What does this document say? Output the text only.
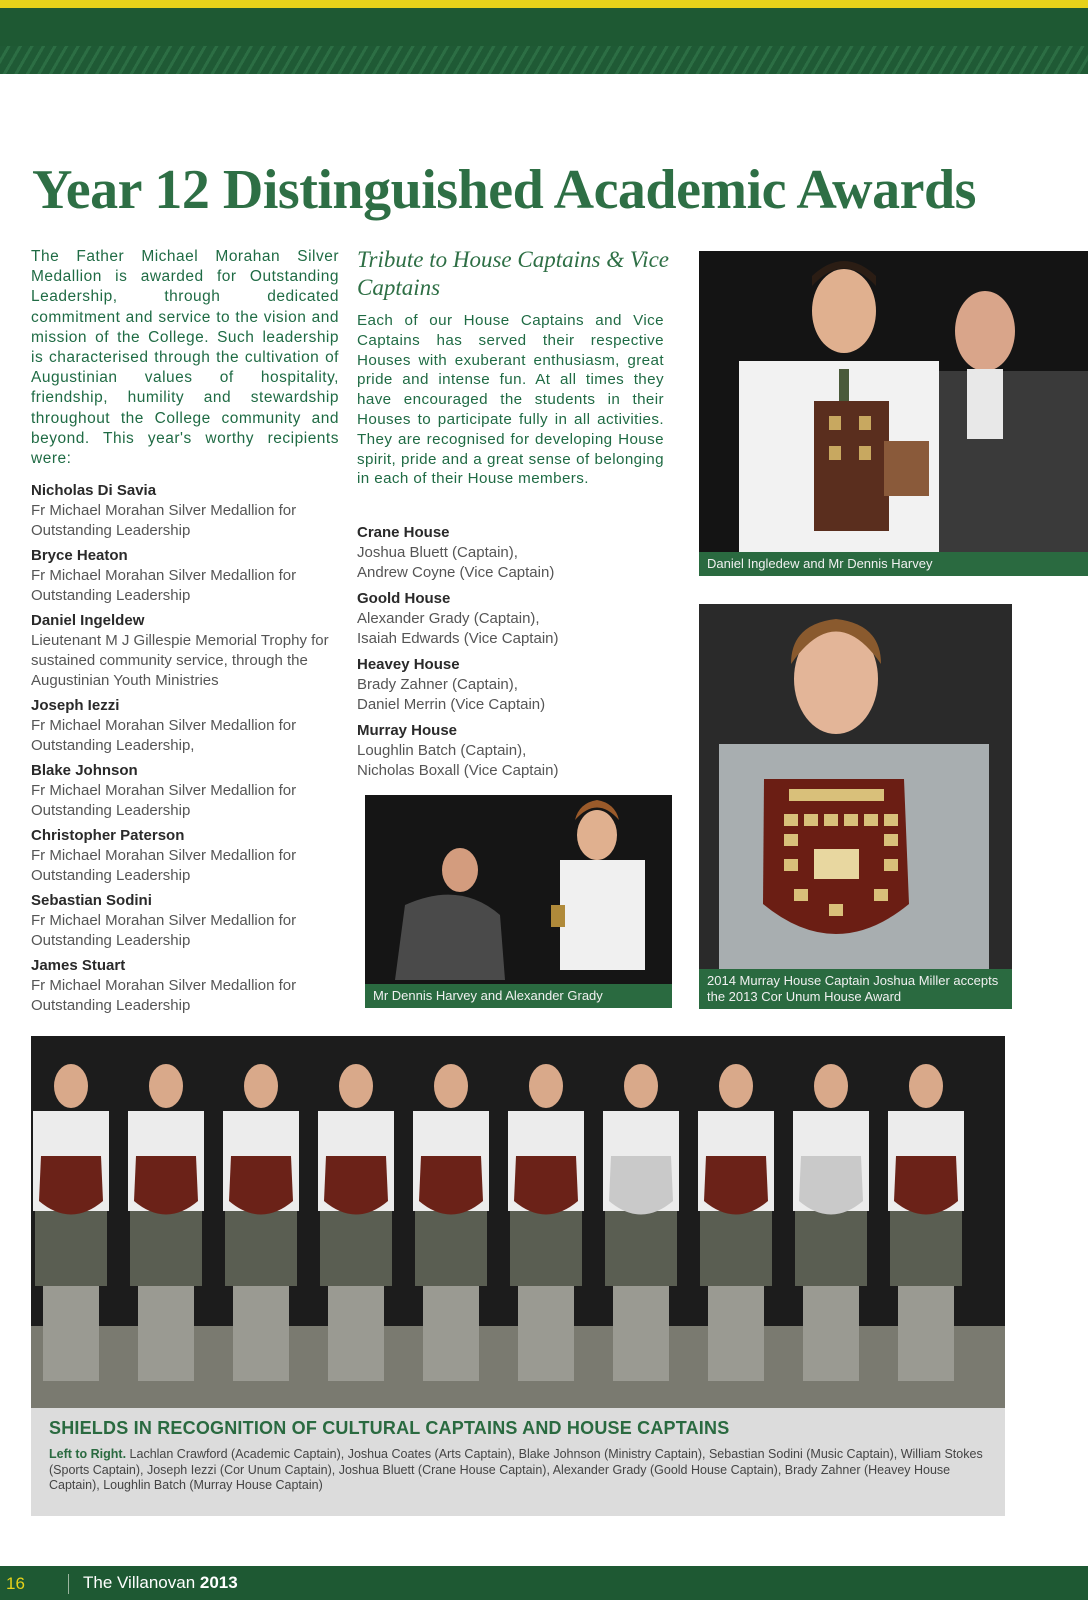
Year 12 Distinguished Academic Awards

The Father Michael Morahan Silver Medallion is awarded for Outstanding Leadership, through dedicated commitment and service to the vision and mission of the College. Such leadership is characterised through the cultivation of Augustinian values of hospitality, friendship, humility and stewardship throughout the College community and beyond. This year's worthy recipients were:

Nicholas Di Savia
Fr Michael Morahan Silver Medallion for Outstanding Leadership
Bryce Heaton
Fr Michael Morahan Silver Medallion for Outstanding Leadership
Daniel Ingeldew
Lieutenant M J Gillespie Memorial Trophy for sustained community service, through the Augustinian Youth Ministries
Joseph Iezzi
Fr Michael Morahan Silver Medallion for Outstanding Leadership,
Blake Johnson
Fr Michael Morahan Silver Medallion for Outstanding Leadership
Christopher Paterson
Fr Michael Morahan Silver Medallion for Outstanding Leadership
Sebastian Sodini
Fr Michael Morahan Silver Medallion for Outstanding Leadership
James Stuart
Fr Michael Morahan Silver Medallion for Outstanding Leadership
Tribute to House Captains & Vice Captains

Each of our House Captains and Vice Captains has served their respective Houses with exuberant enthusiasm, great pride and intense fun. At all times they have encouraged the students in their Houses to participate fully in all activities. They are recognised for developing House spirit, pride and a great sense of belonging in each of their House members.

Crane House
Joshua Bluett (Captain),
Andrew Coyne (Vice Captain)
Goold House
Alexander Grady (Captain),
Isaiah Edwards (Vice Captain)
Heavey House
Brady Zahner (Captain),
Daniel Merrin (Vice Captain)
Murray House
Loughlin Batch (Captain),
Nicholas Boxall (Vice Captain)
Daniel Ingledew and Mr Dennis Harvey
2014 Murray House Captain Joshua Miller accepts the 2013 Cor Unum House Award
Mr Dennis Harvey and Alexander Grady
SHIELDS IN RECOGNITION OF CULTURAL CAPTAINS AND HOUSE CAPTAINS
Left to Right. Lachlan Crawford (Academic Captain), Joshua Coates (Arts Captain), Blake Johnson (Ministry Captain), Sebastian Sodini (Music Captain), William Stokes (Sports Captain), Joseph Iezzi (Cor Unum Captain), Joshua Bluett (Crane House Captain), Alexander Grady (Goold House Captain), Brady Zahner (Heavey House Captain), Loughlin Batch (Murray House Captain)
16	The Villanovan 2013
